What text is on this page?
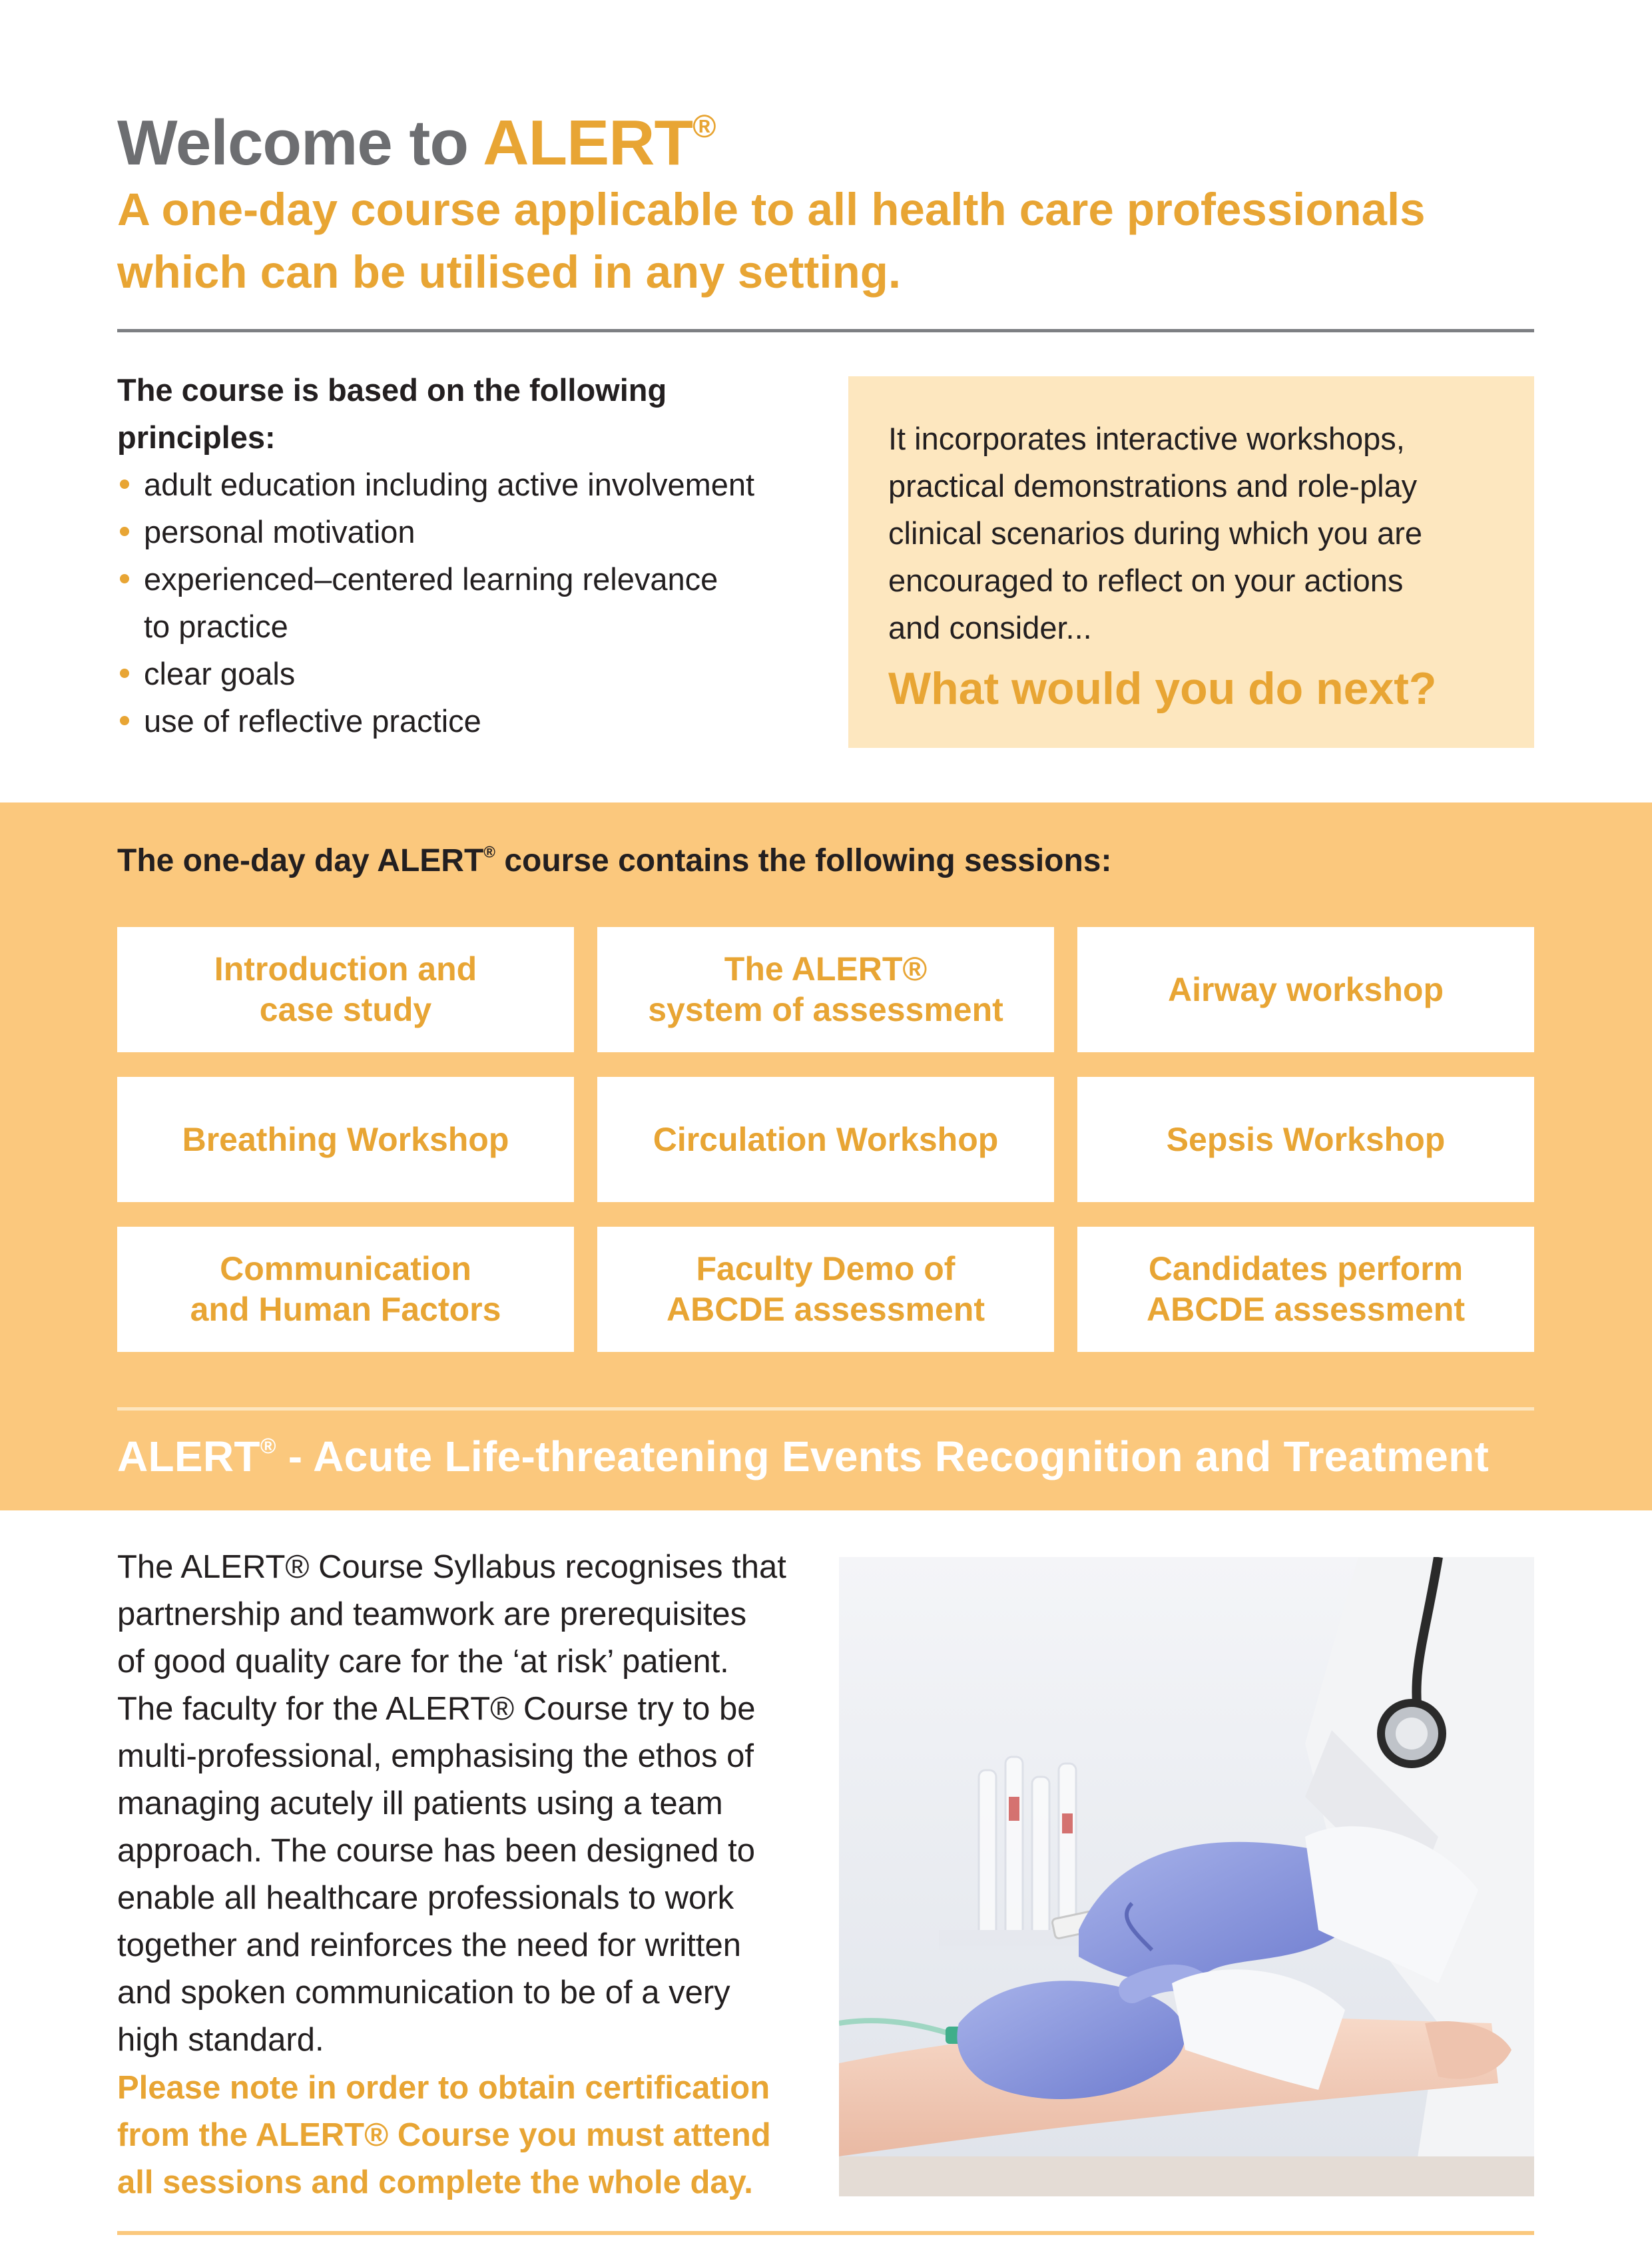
Welcome to ALERT®
A one-day course applicable to all health care professionals
which can be utilised in any setting.
The course is based on the following
principles:
adult education including active involvement
personal motivation
experienced–centered learning relevance
to practice
clear goals
use of reflective practice
It incorporates interactive workshops,
practical demonstrations and role-play
clinical scenarios during which you are
encouraged to reflect on your actions
and consider...
What would you do next?
The one-day day ALERT® course contains the following sessions:
Introduction and
case study
The ALERT®
system of assessment
Airway workshop
Breathing Workshop	Circulation Workshop	Sepsis Workshop
Communication
and Human Factors
Faculty Demo of
ABCDE assessment
Candidates perform
ABCDE assessment
ALERT® - Acute Life-threatening Events Recognition and Treatment
The ALERT® Course Syllabus recognises that
partnership and teamwork are prerequisites
of good quality care for the ‘at risk’ patient.
The faculty for the ALERT® Course try to be
multi-professional, emphasising the ethos of
managing acutely ill patients using a team
approach. The course has been designed to
enable all healthcare professionals to work
together and reinforces the need for written
and spoken communication to be of a very
high standard.
Please note in order to obtain certification
from the ALERT® Course you must attend
all sessions and complete the whole day.
